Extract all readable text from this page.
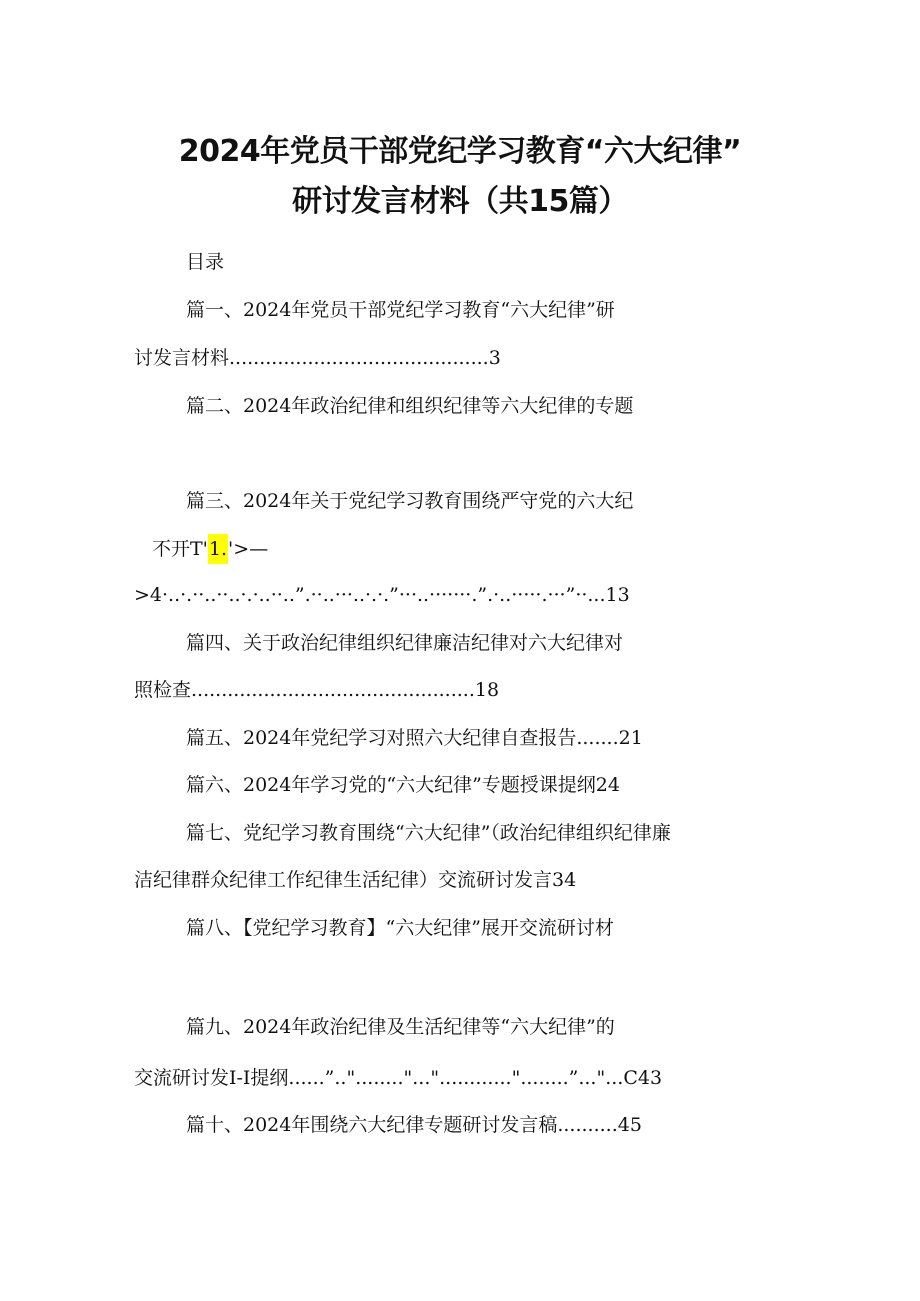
2024年党员干部党纪学习教育“六大纪律”
研讨发言材料（共15篇）
目录
篇一、2024年党员干部党纪学习教育“六大纪律”研
讨发言材料...........................................3
篇二、2024年政治纪律和组织纪律等六大纪律的专题
篇三、2024年关于党纪学习教育围绕严守党的六大纪
不开T'1.'>—
>4·..·.··..··..·.·..··..”.··..···..·.·.”···..·······.”.·..·····.···”··...13
篇四、关于政治纪律组织纪律廉洁纪律对六大纪律对
照检查...............................................18
篇五、2024年党纪学习对照六大纪律自查报告.......21
篇六、2024年学习党的“六大纪律”专题授课提纲24
篇七、党纪学习教育围绕“六大纪律”（政治纪律组织纪律廉
洁纪律群众纪律工作纪律生活纪律）交流研讨发言34
篇八、【党纪学习教育】“六大纪律”展开交流研讨材
篇九、2024年政治纪律及生活纪律等“六大纪律”的
交流研讨发I-I提纲......”.."........"..."............"........”..."...C43
篇十、2024年围绕六大纪律专题研讨发言稿..........45
